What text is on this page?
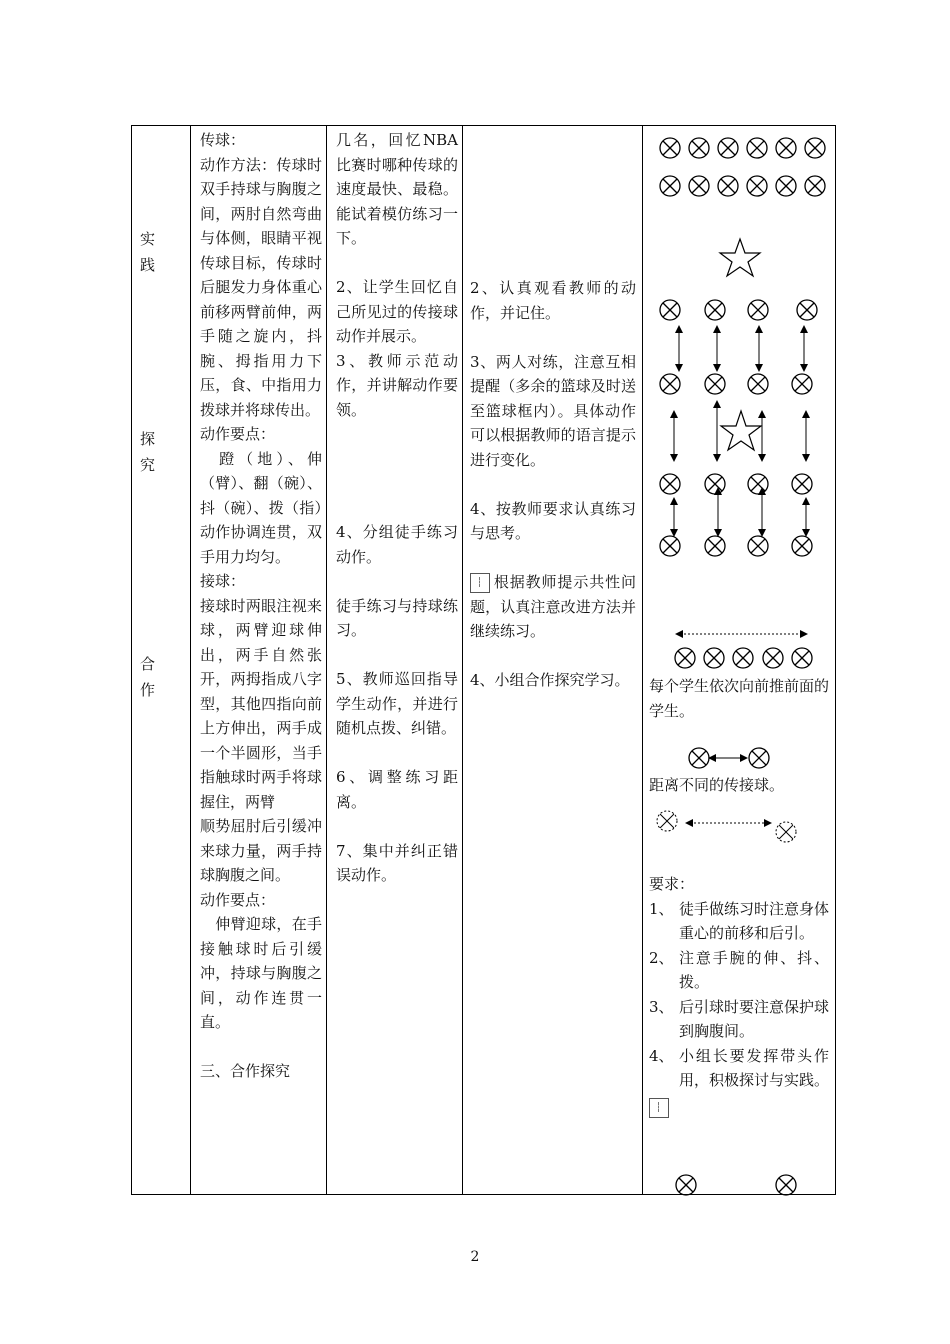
实
践
探
究
合
作

传球：

动作方法：传球时双手持球与胸腹之间，两肘自然弯曲与体侧，眼睛平视传球目标，传球时后腿发力身体重心前移两臂前伸，两手随之旋内，抖腕、拇指用力下压，食、中指用力拨球并将球传出。

动作要点：

　蹬（地）、伸（臂）、翻（碗）、抖（碗）、拨（指）动作协调连贯，双手用力均匀。

接球：

接球时两眼注视来球，两臂迎球伸出，两手自然张开，两拇指成八字型，其他四指向前上方伸出，两手成一个半圆形，当手指触球时两手将球握住，两臂

顺势屈肘后引缓冲来球力量，两手持球胸腹之间。

动作要点：

　伸臂迎球，在手接触球时后引缓冲，持球与胸腹之间，动作连贯一直。

三、合作探究

几名，回忆NBA比赛时哪种传球的速度最快、最稳。能试着模仿练习一下。

2、让学生回忆自己所见过的传接球动作并展示。

3、教师示范动作，并讲解动作要领。

4、分组徒手练习动作。

徒手练习与持球练习。

5、教师巡回指导学生动作，并进行随机点拨、纠错。

6、调整练习距离。

7、集中并纠正错误动作。

2、认真观看教师的动作，并记住。

3、两人对练，注意互相提醒（多余的篮球及时送至篮球框内）。具体动作可以根据教师的语言提示进行变化。

4、按教师要求认真练习与思考。

根据教师提示共性问题，认真注意改进方法并继续练习。

4、小组合作探究学习。	每个学生依次向前推前面的学生。

距离不同的传接球。

要求：

1、 徒手做练习时注意身体重心的前移和后引。
2、 注意手腕的伸、抖、拨。
3、 后引球时要注意保护球到胸腹间。
4、 小组长要发挥带头作用，积极探讨与实践。
2
